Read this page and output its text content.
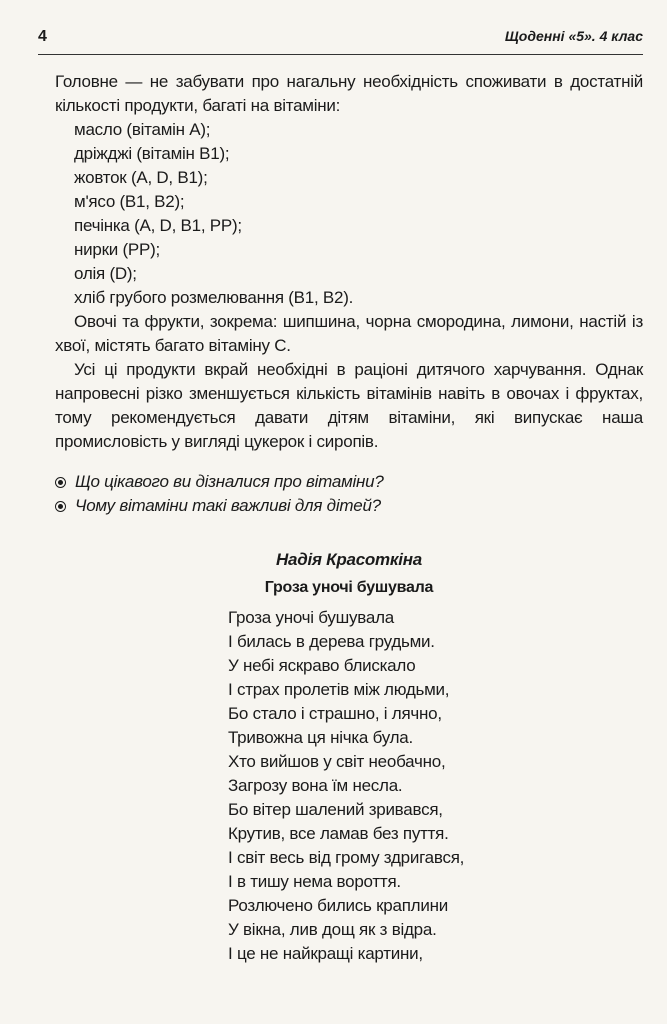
4	Щоденні «5». 4 клас

Головне — не забувати про нагальну необхідність споживати в достатній кількості продукти, багаті на вітаміни:

масло (вітамін А);
дріжджі (вітамін В1);
жовток (А, D, В1);
м'ясо (В1, В2);
печінка (А, D, В1, РР);
нирки (РР);
олія (D);
хліб грубого розмелювання (В1, В2).

Овочі та фрукти, зокрема: шипшина, чорна смородина, лимони, настій із хвої, містять багато вітаміну С.

Усі ці продукти вкрай необхідні в раціоні дитячого харчування. Однак напровесні різко зменшується кількість вітамінів навіть в овочах і фруктах, тому рекомендується давати дітям вітаміни, які випускає наша промисловість у вигляді цукерок і сиропів.

Що цікавого ви дізналися про вітаміни?
Чому вітаміни такі важливі для дітей?

Надія Красоткіна

Гроза уночі бушувала

Гроза уночі бушувала
І билась в дерева грудьми.
У небі яскраво блискало
І страх пролетів між людьми,
Бо стало і страшно, і лячно,
Тривожна ця нічка була.
Хто вийшов у світ необачно,
Загрозу вона їм несла.
Бо вітер шалений зривався,
Крутив, все ламав без пуття.
І світ весь від грому здригався,
І в тишу нема вороття.
Розлючено бились краплини
У вікна, лив дощ як з відра.
І це не найкращі картини,
